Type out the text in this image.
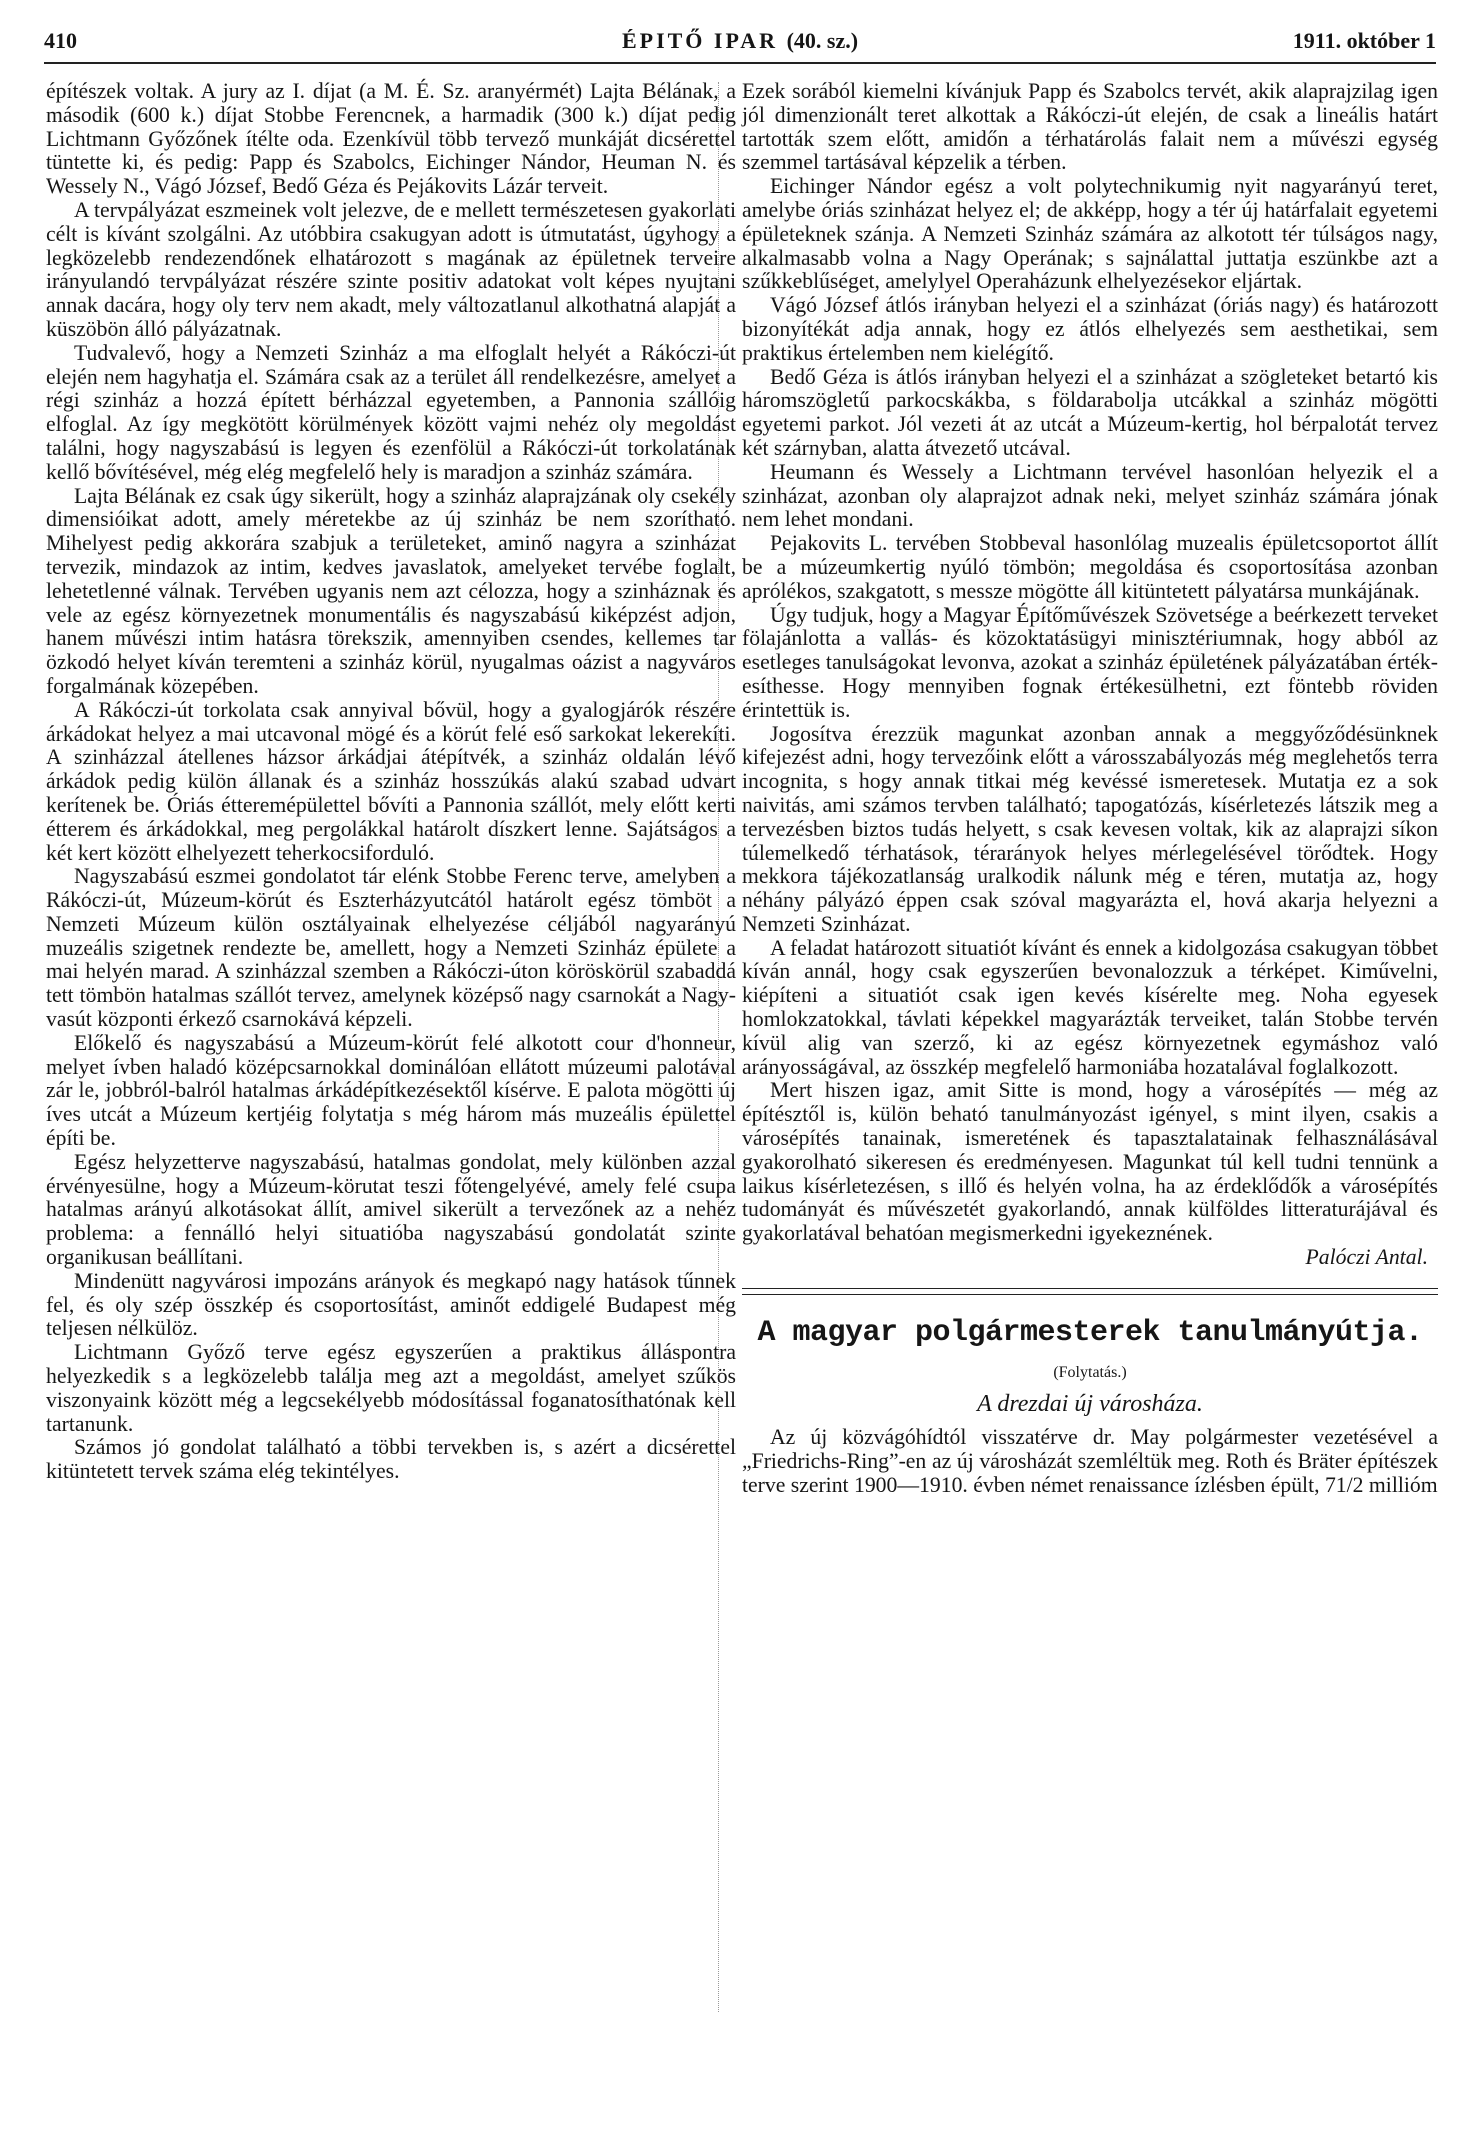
410	ÉPITŐ IPAR (40. sz.)	1911. október 1

építészek voltak. A jury az I. díjat (a M. É. Sz. aranyérmét) Lajta Bélának, a második (600 k.) díjat Stobbe Ferencnek, a harmadik (300 k.) díjat pedig Lichtmann Győzőnek ítélte oda. Ezenkívül több tervező munkáját dicsérettel tüntette ki, és pedig: Papp és Szabolcs, Eichinger Nándor, Heuman N. és Wessely N., Vágó József, Bedő Géza és Pejákovits Lázár terveit.

A tervpályázat eszmeinek volt jelezve, de e mellett természetesen gyakorlati célt is kívánt szolgálni. Az utóbbira csakugyan adott is útmutatást, úgyhogy a legközelebb rendezendőnek elhatározott s magának az épületnek terveire irányulandó tervpályázat részére szinte positiv adatokat volt képes nyujtani annak dacára, hogy oly terv nem akadt, mely változatlanul alkothatná alapját a küszöbön álló pályázatnak.

Tudvalevő, hogy a Nemzeti Szinház a ma elfoglalt helyét a Rákóczi-út elején nem hagyhatja el. Számára csak az a terület áll rendelkezésre, amelyet a régi szinház a hozzá épített bérházzal egyetemben, a Pannonia szállóig elfoglal. Az így megkötött körülmények között vajmi nehéz oly megoldást találni, hogy nagyszabású is legyen és ezenfölül a Rákóczi-út torkolatának kellő bővítésével, még elég megfelelő hely is maradjon a szinház számára.

Lajta Bélának ez csak úgy sikerült, hogy a szinház alaprajzának oly csekély dimensióikat adott, amely méretekbe az új szinház be nem szorítható. Mihelyest pedig akkorára szabjuk a területeket, aminő nagyra a szinházat tervezik, mindazok az intim, kedves javaslatok, amelyeket tervébe foglalt, lehetetlenné válnak. Tervében ugyanis nem azt célozza, hogy a szinháznak és vele az egész környezetnek monumentális és nagyszabású kiképzést adjon, hanem művészi intim hatásra törekszik, amennyiben csendes, kellemes tar özkodó helyet kíván teremteni a szinház körül, nyugalmas oázist a nagyváros forgalmának közepében.

A Rákóczi-út torkolata csak annyival bővül, hogy a gyalogjárók részére árkádokat helyez a mai utcavonal mögé és a körút felé eső sarkokat lekerekíti. A szinházzal átellenes házsor árkádjai átépítvék, a szinház oldalán lévő árkádok pedig külön állanak és a szinház hosszúkás alakú szabad udvart kerítenek be. Óriás étteremépülettel bővíti a Pannonia szállót, mely előtt kerti étterem és árkádokkal, meg pergolákkal határolt díszkert lenne. Sajátságos a két kert között elhelyezett teherkocsiforduló.

Nagyszabású eszmei gondolatot tár elénk Stobbe Ferenc terve, amelyben a Rákóczi-út, Múzeum-körút és Eszterházyutcától határolt egész tömböt a Nemzeti Múzeum külön osztályainak elhelyezése céljából nagyarányú muzeális szigetnek rendezte be, amellett, hogy a Nemzeti Szinház épülete a mai helyén marad. A szinházzal szemben a Rákóczi-úton köröskörül szabaddá tett tömbön hatalmas szállót tervez, amelynek középső nagy csarnokát a Nagyvasút központi érkező csarnokává képzeli.

Előkelő és nagyszabású a Múzeum-körút felé alkotott cour d'honneur, melyet ívben haladó középcsarnokkal dominálóan ellátott múzeumi palotával zár le, jobbról-balról hatalmas árkádépítkezésektől kísérve. E palota mögötti új íves utcát a Múzeum kertjéig folytatja s még három más muzeális épülettel építi be.

Egész helyzetterve nagyszabású, hatalmas gondolat, mely különben azzal érvényesülne, hogy a Múzeum-körutat teszi főtengelyévé, amely felé csupa hatalmas arányú alkotásokat állít, amivel sikerült a tervezőnek az a nehéz problema: a fennálló helyi situatióba nagyszabású gondolatát szinte organikusan beállítani.

Mindenütt nagyvárosi impozáns arányok és megkapó nagy hatások tűnnek fel, és oly szép összkép és csoportosítást, aminőt eddigelé Budapest még teljesen nélkülöz.

Lichtmann Győző terve egész egyszerűen a praktikus álláspontra helyezkedik s a legközelebb találja meg azt a megoldást, amelyet szűkös viszonyaink között még a legcsekélyebb módosítással foganatosíthatónak kell tartanunk.

Számos jó gondolat található a többi tervekben is, s azért a dicsérettel kitüntetett tervek száma elég tekintélyes.

Ezek sorából kiemelni kívánjuk Papp és Szabolcs tervét, akik alaprajzilag igen jól dimenzionált teret alkottak a Rákóczi-út elején, de csak a lineális határt tartották szem előtt, amidőn a térhatárolás falait nem a művészi egység szemmel tartásával képzelik a térben.

Eichinger Nándor egész a volt polytechnikumig nyit nagyarányú teret, amelybe óriás szinházat helyez el; de akképp, hogy a tér új határfalait egyetemi épületeknek szánja. A Nemzeti Szinház számára az alkotott tér túlságos nagy, alkalmasabb volna a Nagy Operának; s sajnálattal juttatja eszünkbe azt a szűkkeblűséget, amelylyel Operaházunk elhelyezésekor eljártak.

Vágó József átlós irányban helyezi el a szinházat (óriás nagy) és határozott bizonyítékát adja annak, hogy ez átlós elhelyezés sem aesthetikai, sem praktikus értelemben nem kielégítő.

Bedő Géza is átlós irányban helyezi el a szinházat a szögleteket betartó kis háromszögletű parkocskákba, s földarabolja utcákkal a szinház mögötti egyetemi parkot. Jól vezeti át az utcát a Múzeum-kertig, hol bérpalotát tervez két szárnyban, alatta átvezető utcával.

Heumann és Wessely a Lichtmann tervével hasonlóan helyezik el a szinházat, azonban oly alaprajzot adnak neki, melyet szinház számára jónak nem lehet mondani.

Pejakovits L. tervében Stobbeval hasonlólag muzealis épületcsoportot állít be a múzeumkertig nyúló tömbön; megoldása és csoportosítása azonban aprólékos, szakgatott, s messze mögötte áll kitüntetett pályatársa munkájának.

Úgy tudjuk, hogy a Magyar Építőművészek Szövetsége a beérkezett terveket fölajánlotta a vallás- és közoktatásügyi minisztériumnak, hogy abból az esetleges tanulságokat levonva, azokat a szinház épületének pályázatában értékesíthesse. Hogy mennyiben fognak értékesülhetni, ezt föntebb röviden érintettük is.

Jogosítva érezzük magunkat azonban annak a meggyőződésünknek kifejezést adni, hogy tervezőink előtt a városszabályozás még meglehetős terra incognita, s hogy annak titkai még kevéssé ismeretesek. Mutatja ez a sok naivitás, ami számos tervben található; tapogatózás, kísérletezés látszik meg a tervezésben biztos tudás helyett, s csak kevesen voltak, kik az alaprajzi síkon túlemelkedő térhatások, térarányok helyes mérlegelésével törődtek. Hogy mekkora tájékozatlanság uralkodik nálunk még e téren, mutatja az, hogy néhány pályázó éppen csak szóval magyarázta el, hová akarja helyezni a Nemzeti Szinházat.

A feladat határozott situatiót kívánt és ennek a kidolgozása csakugyan többet kíván annál, hogy csak egyszerűen bevonalozzuk a térképet. Kiművelni, kiépíteni a situatiót csak igen kevés kísérelte meg. Noha egyesek homlokzatokkal, távlati képekkel magyarázták terveiket, talán Stobbe tervén kívül alig van szerző, ki az egész környezetnek egymáshoz való arányosságával, az összkép megfelelő harmoniába hozatalával foglalkozott.

Mert hiszen igaz, amit Sitte is mond, hogy a városépítés — még az építésztől is, külön beható tanulmányozást igényel, s mint ilyen, csakis a városépítés tanainak, ismeretének és tapasztalatainak felhasználásával gyakorolható sikeresen és eredményesen. Magunkat túl kell tudni tennünk a laikus kísérletezésen, s illő és helyén volna, ha az érdeklődők a városépítés tudományát és művészetét gyakorlandó, annak külföldes litteraturájával és gyakorlatával behatóan megismerkedni igyekeznének.

Palóczi Antal.

A magyar polgármesterek tanulmányútja.
(Folytatás.)
A drezdai új városháza.

Az új közvágóhídtól visszatérve dr. May polgármester vezetésével a „Friedrichs-Ring”-en az új városházát szemléltük meg. Roth és Bräter építészek terve szerint 1900—1910. évben német renaissance ízlésben épült, 71/2 millióm
